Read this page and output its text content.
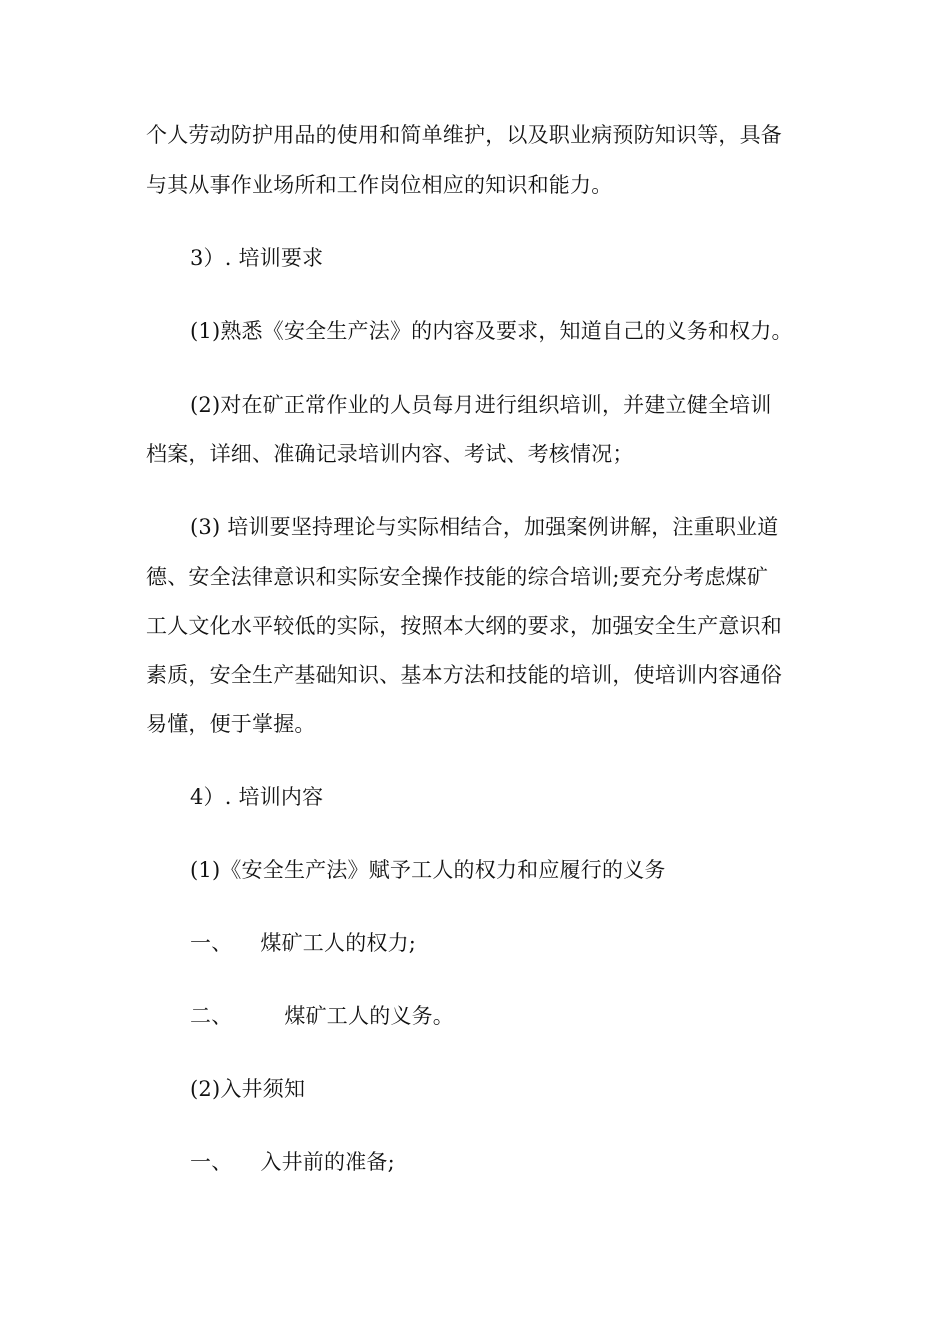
个人劳动防护用品的使用和简单维护，以及职业病预防知识等，具备
与其从事作业场所和工作岗位相应的知识和能力。
3）. 培训要求
(1)熟悉《安全生产法》的内容及要求，知道自己的义务和权力。
(2)对在矿正常作业的人员每月进行组织培训，并建立健全培训
档案，详细、准确记录培训内容、考试、考核情况；
(3) 培训要坚持理论与实际相结合，加强案例讲解，注重职业道
德、安全法律意识和实际安全操作技能的综合培训;要充分考虑煤矿
工人文化水平较低的实际，按照本大纲的要求，加强安全生产意识和
素质，安全生产基础知识、基本方法和技能的培训，使培训内容通俗
易懂，便于掌握。
4）. 培训内容
(1)《安全生产法》赋予工人的权力和应履行的义务
一、 煤矿工人的权力;
二、 煤矿工人的义务。
(2)入井须知
一、 入井前的准备;
